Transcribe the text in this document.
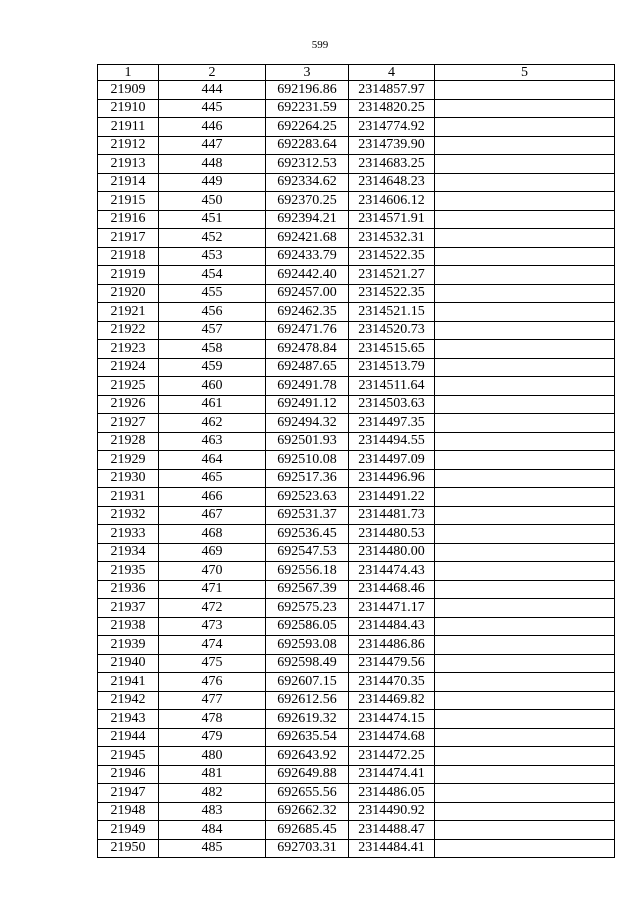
599
1	2	3	4	5
21909	444	692196.86	2314857.97	
21910	445	692231.59	2314820.25	
21911	446	692264.25	2314774.92	
21912	447	692283.64	2314739.90	
21913	448	692312.53	2314683.25	
21914	449	692334.62	2314648.23	
21915	450	692370.25	2314606.12	
21916	451	692394.21	2314571.91	
21917	452	692421.68	2314532.31	
21918	453	692433.79	2314522.35	
21919	454	692442.40	2314521.27	
21920	455	692457.00	2314522.35	
21921	456	692462.35	2314521.15	
21922	457	692471.76	2314520.73	
21923	458	692478.84	2314515.65	
21924	459	692487.65	2314513.79	
21925	460	692491.78	2314511.64	
21926	461	692491.12	2314503.63	
21927	462	692494.32	2314497.35	
21928	463	692501.93	2314494.55	
21929	464	692510.08	2314497.09	
21930	465	692517.36	2314496.96	
21931	466	692523.63	2314491.22	
21932	467	692531.37	2314481.73	
21933	468	692536.45	2314480.53	
21934	469	692547.53	2314480.00	
21935	470	692556.18	2314474.43	
21936	471	692567.39	2314468.46	
21937	472	692575.23	2314471.17	
21938	473	692586.05	2314484.43	
21939	474	692593.08	2314486.86	
21940	475	692598.49	2314479.56	
21941	476	692607.15	2314470.35	
21942	477	692612.56	2314469.82	
21943	478	692619.32	2314474.15	
21944	479	692635.54	2314474.68	
21945	480	692643.92	2314472.25	
21946	481	692649.88	2314474.41	
21947	482	692655.56	2314486.05	
21948	483	692662.32	2314490.92	
21949	484	692685.45	2314488.47	
21950	485	692703.31	2314484.41	
